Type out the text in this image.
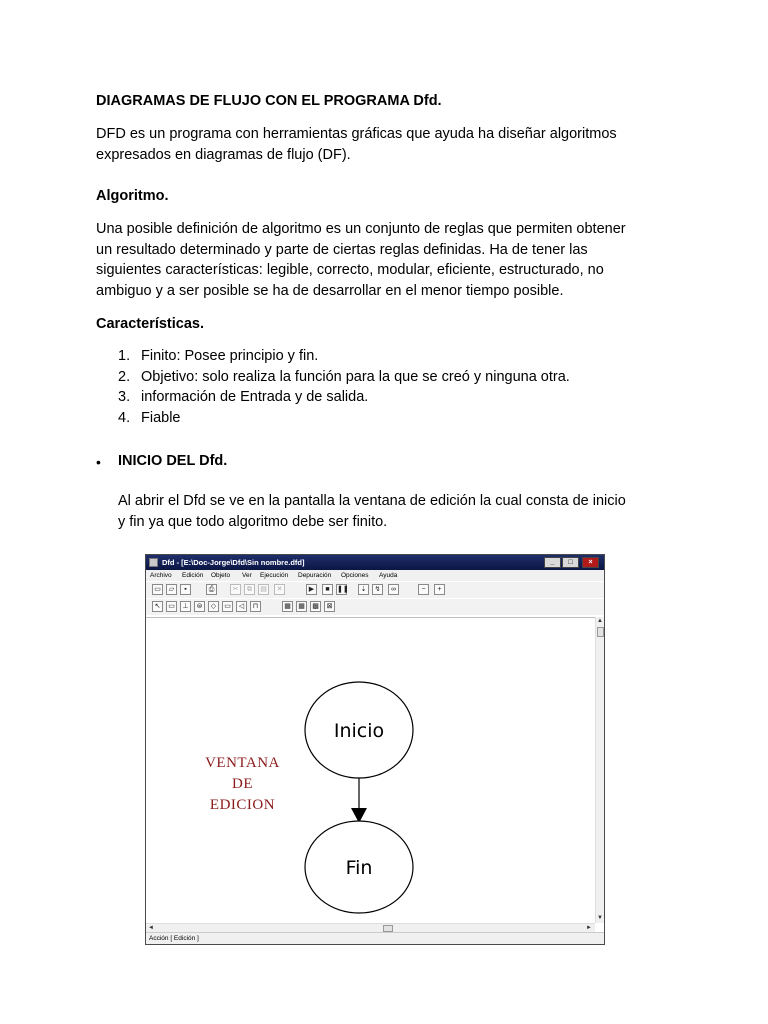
DIAGRAMAS DE FLUJO CON EL PROGRAMA Dfd.

DFD es un programa con herramientas gráficas que ayuda ha diseñar algoritmos

expresados en diagramas de flujo (DF).

Algoritmo.

Una posible definición de algoritmo es un conjunto de reglas que permiten obtener

un resultado determinado y parte de ciertas reglas definidas. Ha de tener las

siguientes características: legible, correcto, modular, eficiente, estructurado, no

ambiguo y a ser posible se ha de desarrollar en el menor tiempo posible.

Características.

1. Finito: Posee principio y fin.
2. Objetivo: solo realiza la función para la que se creó y ninguna otra.
3. información de Entrada y de salida.
4. Fiable
• INICIO DEL Dfd.

Al abrir el Dfd se ve en la pantalla la ventana de edición la cual consta de inicio

y fin ya que todo algoritmo debe ser finito.

Dfd - [E:\Doc-Jorge\Dfd\Sin nombre.dfd]	_	□	×
Archivo Edición Objeto Ver Ejecución Depuración Opciones Ayuda
▭	▱	▪	⎙	✂	⧉	▤	✕	▶	■	❚❚	⇣	↯	∞	−	+
↖	▭	⊥	⊜	◇	▭	◁	⊓	▦	▦	▩	⊠
Inicio
Fin
VENTANA
DE
EDICION
▲
▼
◄	►
Acción [ Edición ]
